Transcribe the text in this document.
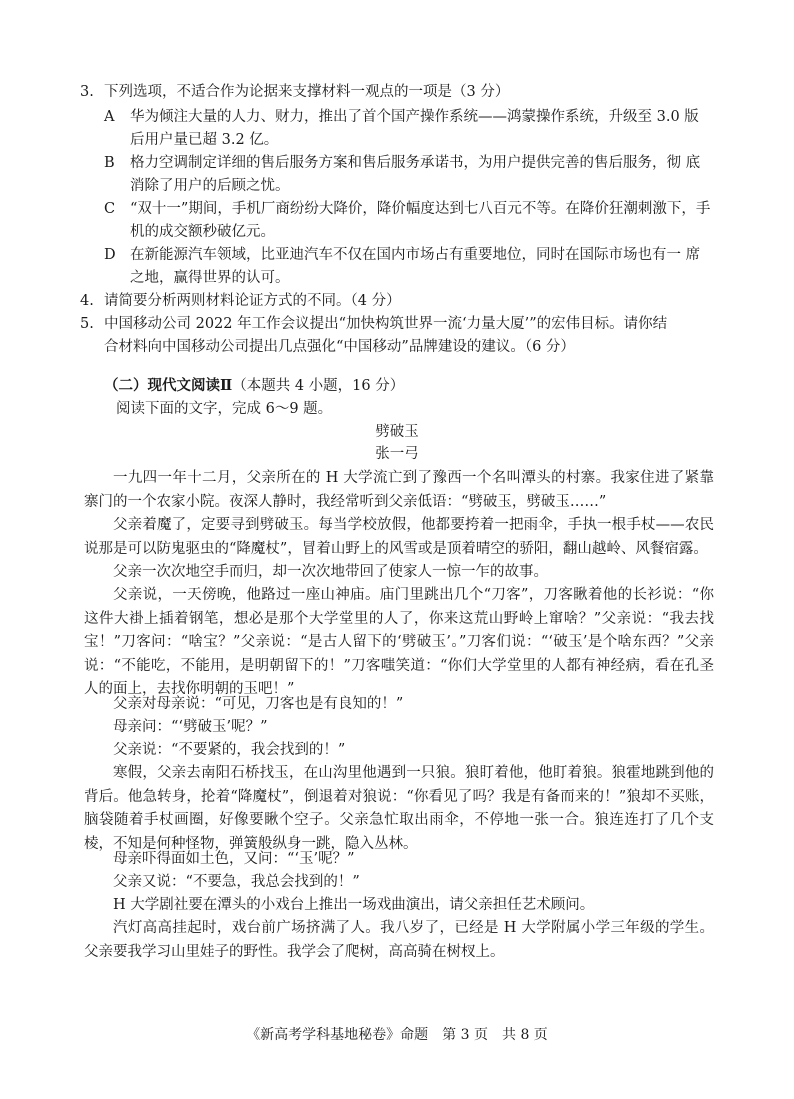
3. 下列选项，不适合作为论据来支撑材料一观点的一项是（3 分）
A 华为倾注大量的人力、财力，推出了首个国产操作系统——鸿蒙操作系统，升级至 3.0 版
后用户量已超 3.2 亿。
B 格力空调制定详细的售后服务方案和售后服务承诺书，为用户提供完善的售后服务，彻 底
消除了用户的后顾之忧。
C “双十一”期间，手机厂商纷纷大降价，降价幅度达到七八百元不等。在降价狂潮刺激下，手
机的成交额秒破亿元。
D 在新能源汽车领域，比亚迪汽车不仅在国内市场占有重要地位，同时在国际市场也有一 席
之地，赢得世界的认可。
4. 请简要分析两则材料论证方式的不同。（4 分）
5. 中国移动公司 2022 年工作会议提出“加快构筑世界一流‘力量大厦’”的宏伟目标。请你结
合材料向中国移动公司提出几点强化“中国移动”品牌建设的建议。（6 分）
（二）现代文阅读Ⅱ（本题共 4 小题，16 分）
阅读下面的文字，完成 6～9 题。
劈破玉
张一弓
一九四一年十二月，父亲所在的 H 大学流亡到了豫西一个名叫潭头的村寨。我家住进了紧靠寨门的一个农家小院。夜深人静时，我经常听到父亲低语：“劈破玉，劈破玉……”
父亲着魔了，定要寻到劈破玉。每当学校放假，他都要挎着一把雨伞，手执一根手杖——农民说那是可以防鬼驱虫的“降魔杖”，冒着山野上的风雪或是顶着晴空的骄阳，翻山越岭、风餐宿露。
父亲一次次地空手而归，却一次次地带回了使家人一惊一乍的故事。
父亲说，一天傍晚，他路过一座山神庙。庙门里跳出几个“刀客”，刀客瞅着他的长衫说：“你这件大褂上插着钢笔，想必是那个大学堂里的人了，你来这荒山野岭上窜啥？”父亲说：“我去找宝！”刀客问：“啥宝？”父亲说：“是古人留下的‘劈破玉’。”刀客们说：“‘破玉’是个啥东西？”父亲说：“不能吃，不能用，是明朝留下的！”刀客嗤笑道：“你们大学堂里的人都有神经病，看在孔圣人的面上，去找你明朝的玉吧！”
父亲对母亲说：“可见，刀客也是有良知的！”
母亲问：“‘劈破玉’呢？”
父亲说：“不要紧的，我会找到的！”
寒假，父亲去南阳石桥找玉，在山沟里他遇到一只狼。狼盯着他，他盯着狼。狼霍地跳到他的背后。他急转身，抡着“降魔杖”，倒退着对狼说：“你看见了吗？我是有备而来的！”狼却不买账，脑袋随着手杖画圈，好像要瞅个空子。父亲急忙取出雨伞，不停地一张一合。狼连连打了几个支棱，不知是何种怪物，弹簧般纵身一跳，隐入丛林。
母亲吓得面如土色，又问：“‘玉’呢？”
父亲又说：“不要急，我总会找到的！”
H 大学剧社要在潭头的小戏台上推出一场戏曲演出，请父亲担任艺术顾问。
汽灯高高挂起时，戏台前广场挤满了人。我八岁了，已经是 H 大学附属小学三年级的学生。父亲要我学习山里娃子的野性。我学会了爬树，高高骑在树杈上。
《新高考学科基地秘卷》命题　第 3 页　共 8 页
